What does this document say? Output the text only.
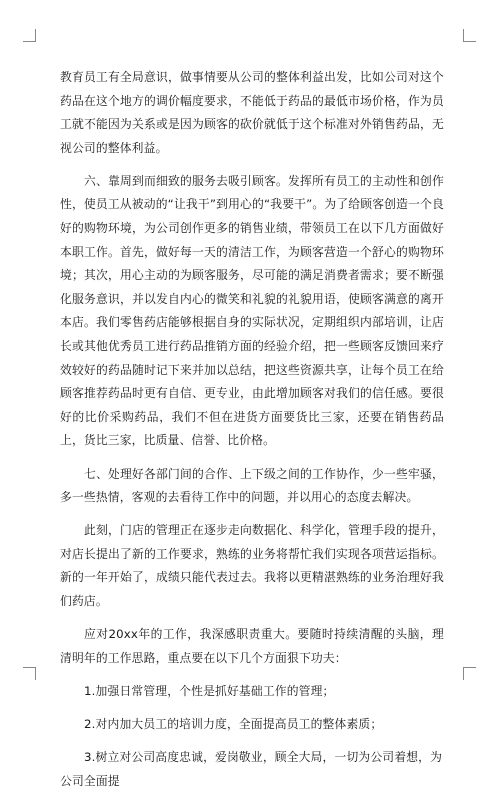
教育员工有全局意识，做事情要从公司的整体利益出发，比如公司对这个药品在这个地方的调价幅度要求，不能低于药品的最低市场价格，作为员工就不能因为关系或是因为顾客的砍价就低于这个标准对外销售药品，无视公司的整体利益。

六、靠周到而细致的服务去吸引顾客。发挥所有员工的主动性和创作性，使员工从被动的“让我干”到用心的“我要干”。为了给顾客创造一个良好的购物环境，为公司创作更多的销售业绩，带领员工在以下几方面做好本职工作。首先，做好每一天的清洁工作，为顾客营造一个舒心的购物环境；其次，用心主动的为顾客服务，尽可能的满足消费者需求；要不断强化服务意识，并以发自内心的微笑和礼貌的礼貌用语，使顾客满意的离开本店。我们零售药店能够根据自身的实际状况，定期组织内部培训，让店长或其他优秀员工进行药品推销方面的经验介绍，把一些顾客反馈回来疗效较好的药品随时记下来并加以总结，把这些资源共享，让每个员工在给顾客推荐药品时更有自信、更专业，由此增加顾客对我们的信任感。要很好的比价采购药品，我们不但在进货方面要货比三家，还要在销售药品上，货比三家，比质量、信誉、比价格。

七、处理好各部门间的合作、上下级之间的工作协作，少一些牢骚，多一些热情，客观的去看待工作中的问题，并以用心的态度去解决。

此刻，门店的管理正在逐步走向数据化、科学化，管理手段的提升，对店长提出了新的工作要求，熟练的业务将帮忙我们实现各项营运指标。新的一年开始了，成绩只能代表过去。我将以更精湛熟练的业务治理好我们药店。

应对20xx年的工作，我深感职责重大。要随时持续清醒的头脑，理清明年的工作思路，重点要在以下几个方面狠下功夫：

1.加强日常管理，个性是抓好基础工作的管理；

2.对内加大员工的培训力度，全面提高员工的整体素质；

3.树立对公司高度忠诚，爱岗敬业，顾全大局，一切为公司着想，为公司全面提
